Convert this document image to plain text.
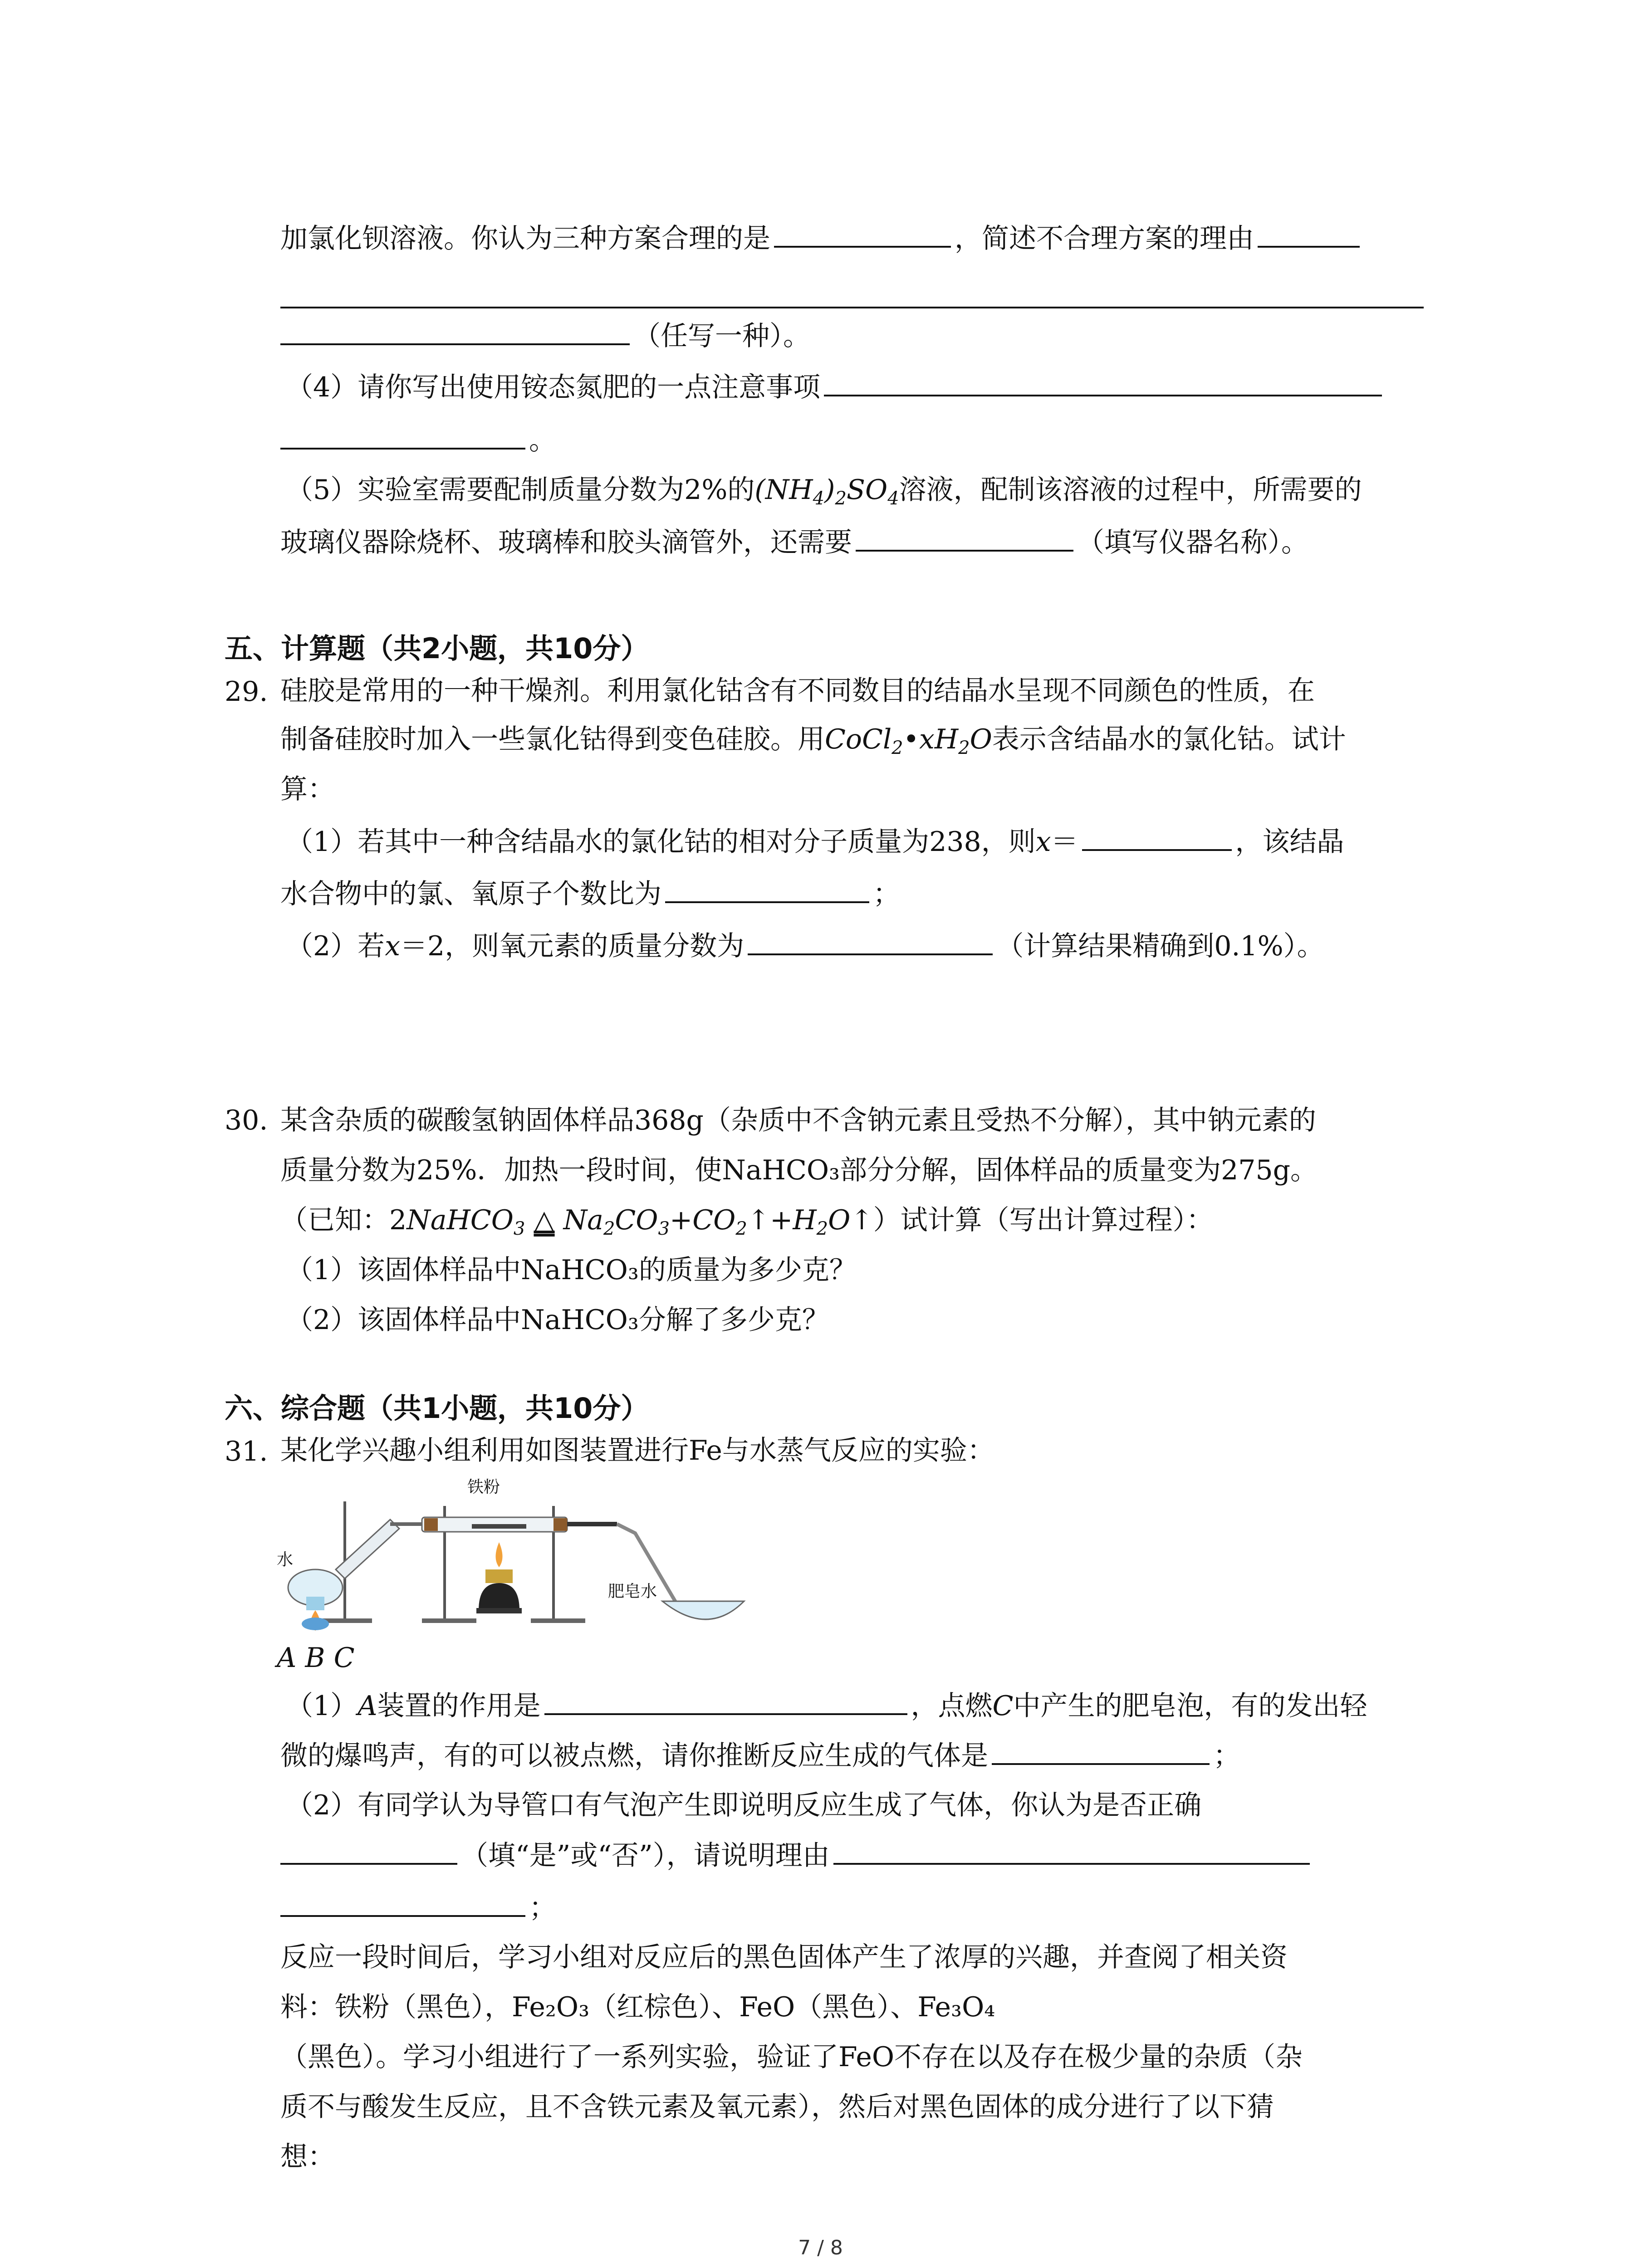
加氯化钡溶液。你认为三种方案合理的是	，简述不合理方案的理由
（任写一种）。
（4）请你写出使用铵态氮肥的一点注意事项
。
（5）实验室需要配制质量分数为2%的$(NH_4)_2SO_4$溶液，配制该溶液的过程中，所需要的
玻璃仪器除烧杯、玻璃棒和胶头滴管外，还需要	（填写仪器名称）。
五、计算题（共2小题，共10分）
29. 硅胶是常用的一种干燥剂。利用氯化钴含有不同数目的结晶水呈现不同颜色的性质，在
制备硅胶时加入一些氯化钴得到变色硅胶。用$CoCl_2•xH_2O$表示含结晶水的氯化钴。试计
算：
（1）若其中一种含结晶水的氯化钴的相对分子质量为238，则x＝	，该结晶
水合物中的氯、氧原子个数比为	；
（2）若x＝2，则氧元素的质量分数为	（计算结果精确到0.1%）。
30. 某含杂质的碳酸氢钠固体样品368g（杂质中不含钠元素且受热不分解），其中钠元素的
质量分数为25%．加热一段时间，使NaHCO₃部分分解，固体样品的质量变为275g。
（已知：2NaHCO$_3$ △ $Na_2CO_3+CO_2↑+H_2O↑$）试计算（写出计算过程）：
（1）该固体样品中NaHCO₃的质量为多少克？
（2）该固体样品中NaHCO₃分解了多少克？
六、综合题（共1小题，共10分）
31. 某化学兴趣小组利用如图装置进行Fe与水蒸气反应的实验：
铁粉
水
肥皂水
A B C
（1）A装置的作用是	，点燃C中产生的肥皂泡，有的发出轻
微的爆鸣声，有的可以被点燃，请你推断反应生成的气体是	；
（2）有同学认为导管口有气泡产生即说明反应生成了气体，你认为是否正确
（填“是”或“否”），请说明理由
；
反应一段时间后，学习小组对反应后的黑色固体产生了浓厚的兴趣，并查阅了相关资
料：铁粉（黑色），Fe₂O₃（红棕色）、FeO（黑色）、Fe₃O₄
（黑色）。学习小组进行了一系列实验，验证了FeO不存在以及存在极少量的杂质（杂
质不与酸发生反应，且不含铁元素及氧元素），然后对黑色固体的成分进行了以下猜
想：
7 / 8
